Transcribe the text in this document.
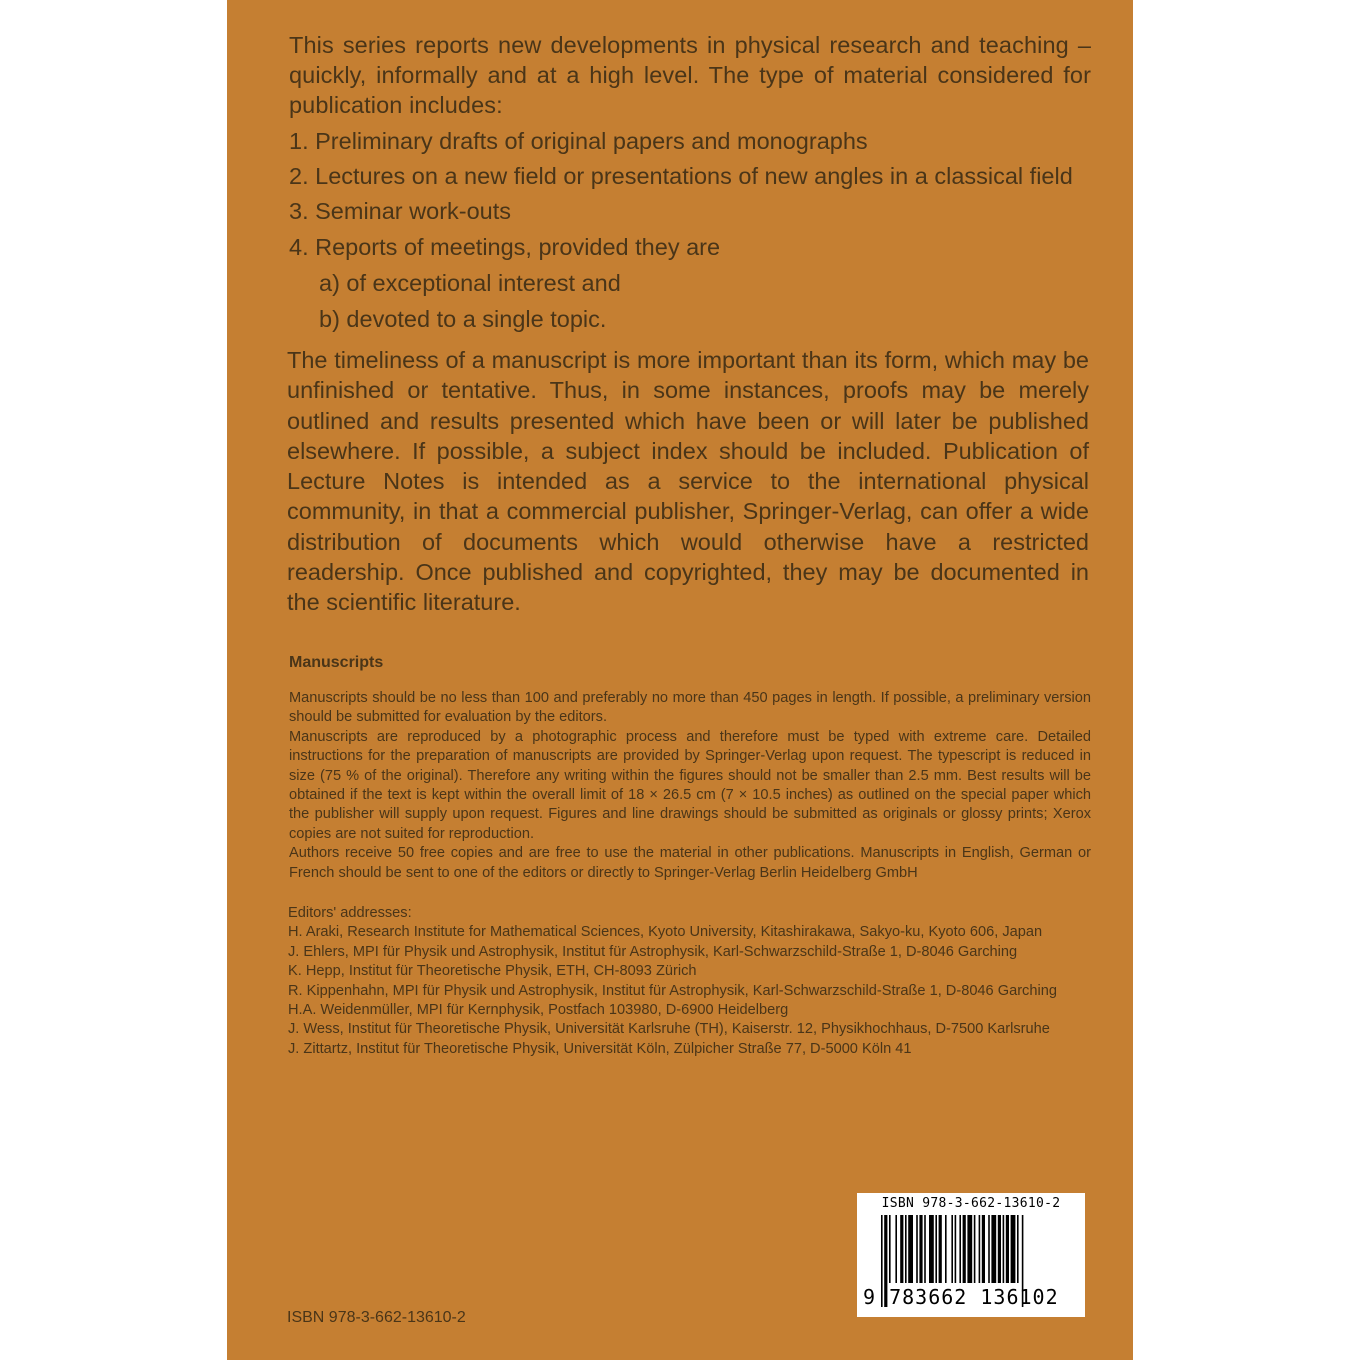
This series reports new developments in physical research and teaching – quickly, informally and at a high level. The type of material considered for publication includes:
1. Preliminary drafts of original papers and monographs
2. Lectures on a new field or presentations of new angles in a classical field
3. Seminar work-outs
4. Reports of meetings, provided they are
a) of exceptional interest and
b) devoted to a single topic.
The timeliness of a manuscript is more important than its form, which may be unfinished or tentative. Thus, in some instances, proofs may be merely outlined and results presented which have been or will later be published elsewhere. If possible, a subject index should be included. Publication of Lecture Notes is intended as a service to the international physical community, in that a commercial publisher, Springer-Verlag, can offer a wide distribution of documents which would otherwise have a restricted readership. Once published and copyrighted, they may be documented in the scientific literature.
Manuscripts

Manuscripts should be no less than 100 and preferably no more than 450 pages in length. If possible, a preliminary version should be submitted for evaluation by the editors.

Manuscripts are reproduced by a photographic process and therefore must be typed with extreme care. Detailed instructions for the preparation of manuscripts are provided by Springer-Verlag upon request. The typescript is reduced in size (75 % of the original). Therefore any writing within the figures should not be smaller than 2.5 mm. Best results will be obtained if the text is kept within the overall limit of 18 × 26.5 cm (7 × 10.5 inches) as outlined on the special paper which the publisher will supply upon request. Figures and line drawings should be submitted as originals or glossy prints; Xerox copies are not suited for reproduction.

Authors receive 50 free copies and are free to use the material in other publications. Manuscripts in English, German or French should be sent to one of the editors or directly to Springer-Verlag Berlin Heidelberg GmbH

Editors' addresses:

H. Araki, Research Institute for Mathematical Sciences, Kyoto University, Kitashirakawa, Sakyo-ku, Kyoto 606, Japan

J. Ehlers, MPI für Physik und Astrophysik, Institut für Astrophysik, Karl-Schwarzschild-Straße 1, D-8046 Garching

K. Hepp, Institut für Theoretische Physik, ETH, CH-8093 Zürich

R. Kippenhahn, MPI für Physik und Astrophysik, Institut für Astrophysik, Karl-Schwarzschild-Straße 1, D-8046 Garching

H.A. Weidenmüller, MPI für Kernphysik, Postfach 103980, D-6900 Heidelberg

J. Wess, Institut für Theoretische Physik, Universität Karlsruhe (TH), Kaiserstr. 12, Physikhochhaus, D-7500 Karlsruhe

J. Zittartz, Institut für Theoretische Physik, Universität Köln, Zülpicher Straße 77, D-5000 Köln 41

ISBN 978-3-662-13610-2
9 783662 136102
ISBN 978-3-662-13610-2
